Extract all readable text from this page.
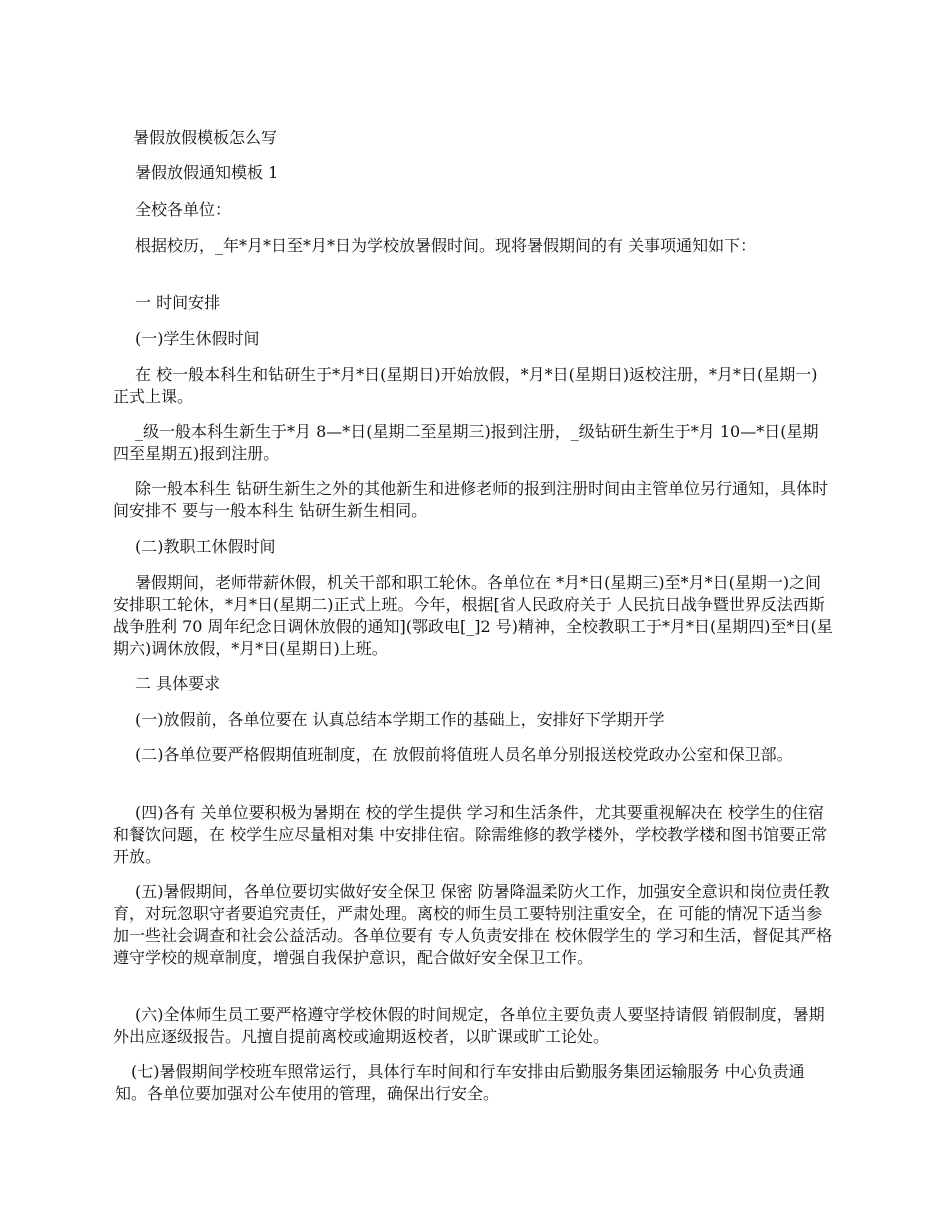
暑假放假模板怎么写

暑假放假通知模板 1

全校各单位：

根据校历，_年*月*日至*月*日为学校放暑假时间。现将暑假期间的有 关事项通知如下：

一 时间安排

(一)学生休假时间

在 校一般本科生和钻研生于*月*日(星期日)开始放假，*月*日(星期日)返校注册，*月*日(星期一)正式上课。

_级一般本科生新生于*月 8—*日(星期二至星期三)报到注册，_级钻研生新生于*月 10—*日(星期四至星期五)报到注册。

除一般本科生 钻研生新生之外的其他新生和进修老师的报到注册时间由主管单位另行通知，具体时间安排不 要与一般本科生 钻研生新生相同。

(二)教职工休假时间

暑假期间，老师带薪休假，机关干部和职工轮休。各单位在 *月*日(星期三)至*月*日(星期一)之间安排职工轮休，*月*日(星期二)正式上班。今年，根据[省人民政府关于 人民抗日战争暨世界反法西斯战争胜利 70 周年纪念日调休放假的通知](鄂政电[_]2 号)精神，全校教职工于*月*日(星期四)至*日(星期六)调休放假，*月*日(星期日)上班。

二 具体要求

(一)放假前，各单位要在 认真总结本学期工作的基础上，安排好下学期开学

(二)各单位要严格假期值班制度，在 放假前将值班人员名单分别报送校党政办公室和保卫部。

(四)各有 关单位要积极为暑期在 校的学生提供 学习和生活条件，尤其要重视解决在 校学生的住宿和餐饮问题，在 校学生应尽量相对集 中安排住宿。除需维修的教学楼外，学校教学楼和图书馆要正常开放。

(五)暑假期间，各单位要切实做好安全保卫 保密 防暑降温柔防火工作，加强安全意识和岗位责任教育，对玩忽职守者要追究责任，严肃处理。离校的师生员工要特别注重安全，在 可能的情况下适当参加一些社会调查和社会公益活动。各单位要有 专人负责安排在 校休假学生的 学习和生活，督促其严格遵守学校的规章制度，增强自我保护意识，配合做好安全保卫工作。

(六)全体师生员工要严格遵守学校休假的时间规定，各单位主要负责人要坚持请假 销假制度，暑期外出应逐级报告。凡擅自提前离校或逾期返校者，以旷课或旷工论处。

(七)暑假期间学校班车照常运行，具体行车时间和行车安排由后勤服务集团运输服务 中心负责通知。各单位要加强对公车使用的管理，确保出行安全。
